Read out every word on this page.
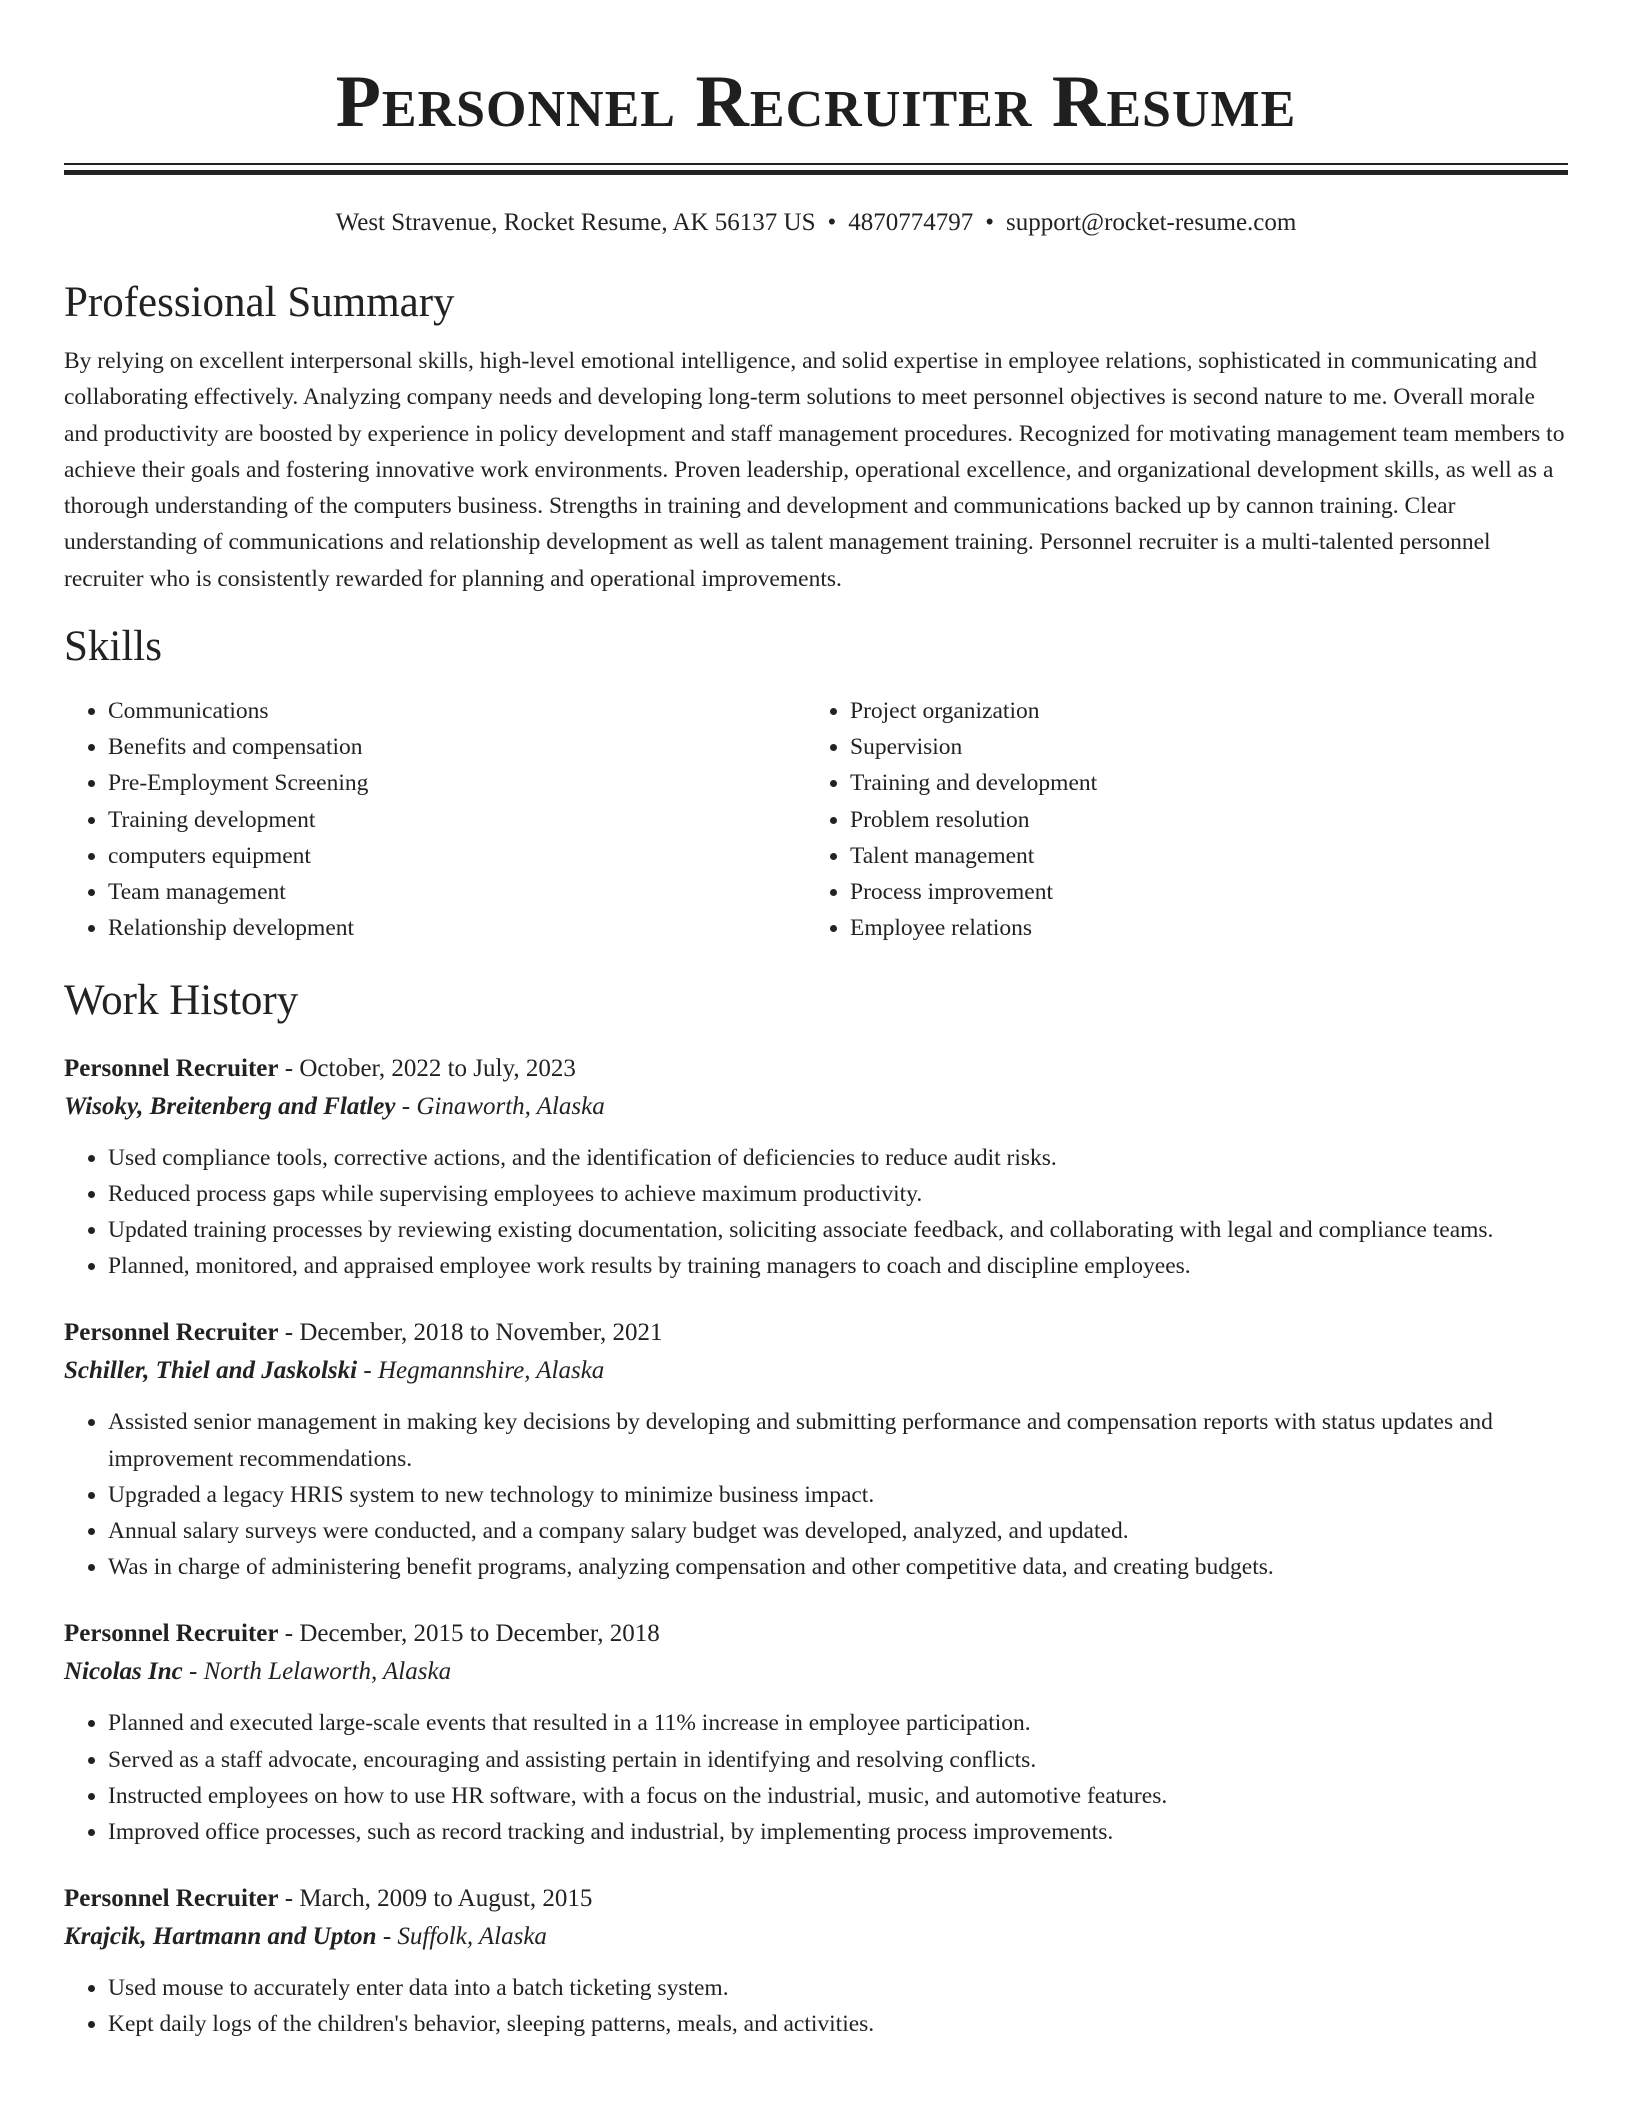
Personnel Recruiter Resume
West Stravenue, Rocket Resume, AK 56137 US • 4870774797 • support@rocket-resume.com
Professional Summary

By relying on excellent interpersonal skills, high-level emotional intelligence, and solid expertise in employee relations, sophisticated in communicating and collaborating effectively. Analyzing company needs and developing long-term solutions to meet personnel objectives is second nature to me. Overall morale and productivity are boosted by experience in policy development and staff management procedures. Recognized for motivating management team members to achieve their goals and fostering innovative work environments. Proven leadership, operational excellence, and organizational development skills, as well as a thorough understanding of the computers business. Strengths in training and development and communications backed up by cannon training. Clear understanding of communications and relationship development as well as talent management training. Personnel recruiter is a multi-talented personnel recruiter who is consistently rewarded for planning and operational improvements.

Skills
• Communications
• Benefits and compensation
• Pre-Employment Screening
• Training development
• computers equipment
• Team management
• Relationship development
• Project organization
• Supervision
• Training and development
• Problem resolution
• Talent management
• Process improvement
• Employee relations
Work History
Personnel Recruiter - October, 2022 to July, 2023
Wisoky, Breitenberg and Flatley - Ginaworth, Alaska
• Used compliance tools, corrective actions, and the identification of deficiencies to reduce audit risks.
• Reduced process gaps while supervising employees to achieve maximum productivity.
• Updated training processes by reviewing existing documentation, soliciting associate feedback, and collaborating with legal and compliance teams.
• Planned, monitored, and appraised employee work results by training managers to coach and discipline employees.
Personnel Recruiter - December, 2018 to November, 2021
Schiller, Thiel and Jaskolski - Hegmannshire, Alaska
• Assisted senior management in making key decisions by developing and submitting performance and compensation reports with status updates and improvement recommendations.
• Upgraded a legacy HRIS system to new technology to minimize business impact.
• Annual salary surveys were conducted, and a company salary budget was developed, analyzed, and updated.
• Was in charge of administering benefit programs, analyzing compensation and other competitive data, and creating budgets.
Personnel Recruiter - December, 2015 to December, 2018
Nicolas Inc - North Lelaworth, Alaska
• Planned and executed large-scale events that resulted in a 11% increase in employee participation.
• Served as a staff advocate, encouraging and assisting pertain in identifying and resolving conflicts.
• Instructed employees on how to use HR software, with a focus on the industrial, music, and automotive features.
• Improved office processes, such as record tracking and industrial, by implementing process improvements.
Personnel Recruiter - March, 2009 to August, 2015
Krajcik, Hartmann and Upton - Suffolk, Alaska
• Used mouse to accurately enter data into a batch ticketing system.
• Kept daily logs of the children's behavior, sleeping patterns, meals, and activities.
